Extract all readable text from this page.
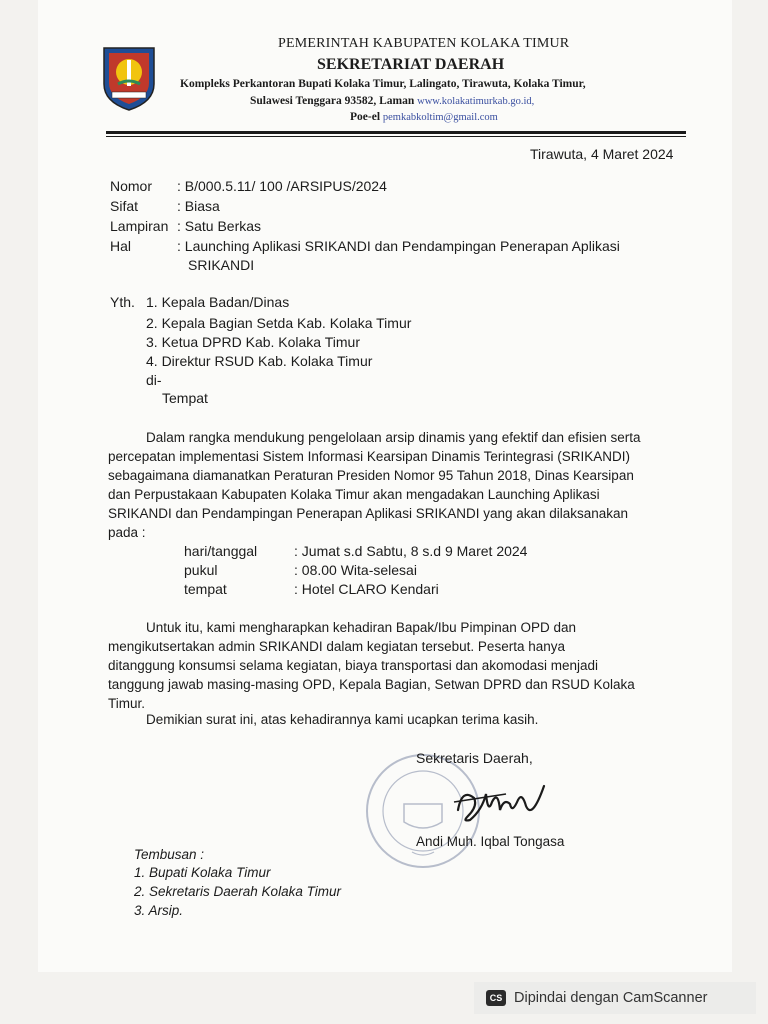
PEMERINTAH KABUPATEN KOLAKA TIMUR
SEKRETARIAT DAERAH
Kompleks Perkantoran Bupati Kolaka Timur, Lalingato, Tirawuta, Kolaka Timur,
Sulawesi Tenggara 93582, Laman www.kolakatimurkab.go.id,
Poe-el pemkabkoltim@gmail.com
Tirawuta, 4 Maret 2024
Nomor : B/000.5.11/ 100 /ARSIPUS/2024
Sifat	: Biasa
Lampiran : Satu Berkas
Hal	: Launching Aplikasi SRIKANDI dan Pendampingan Penerapan Aplikasi
SRIKANDI
Yth. 1. Kepala Badan/Dinas
2. Kepala Bagian Setda Kab. Kolaka Timur
3. Ketua DPRD Kab. Kolaka Timur
4. Direktur RSUD Kab. Kolaka Timur
di-
Tempat
Dalam rangka mendukung pengelolaan arsip dinamis yang efektif dan efisien serta
percepatan implementasi Sistem Informasi Kearsipan Dinamis Terintegrasi (SRIKANDI)
sebagaimana diamanatkan Peraturan Presiden Nomor 95 Tahun 2018, Dinas Kearsipan
dan Perpustakaan Kabupaten Kolaka Timur akan mengadakan Launching Aplikasi
SRIKANDI dan Pendampingan Penerapan Aplikasi SRIKANDI yang akan dilaksanakan
pada :
hari/tanggal	: Jumat s.d Sabtu, 8 s.d 9 Maret 2024
pukul	: 08.00 Wita-selesai
tempat	: Hotel CLARO Kendari
Untuk itu, kami mengharapkan kehadiran Bapak/Ibu Pimpinan OPD dan
mengikutsertakan admin SRIKANDI dalam kegiatan tersebut. Peserta hanya
ditanggung konsumsi selama kegiatan, biaya transportasi dan akomodasi menjadi
tanggung jawab masing-masing OPD, Kepala Bagian, Setwan DPRD dan RSUD Kolaka
Timur.
Demikian surat ini, atas kehadirannya kami ucapkan terima kasih.
Sekretaris Daerah,
Andi Muh. Iqbal Tongasa
Tembusan :
1. Bupati Kolaka Timur
2. Sekretaris Daerah Kolaka Timur
3. Arsip.
CS Dipindai dengan CamScanner
